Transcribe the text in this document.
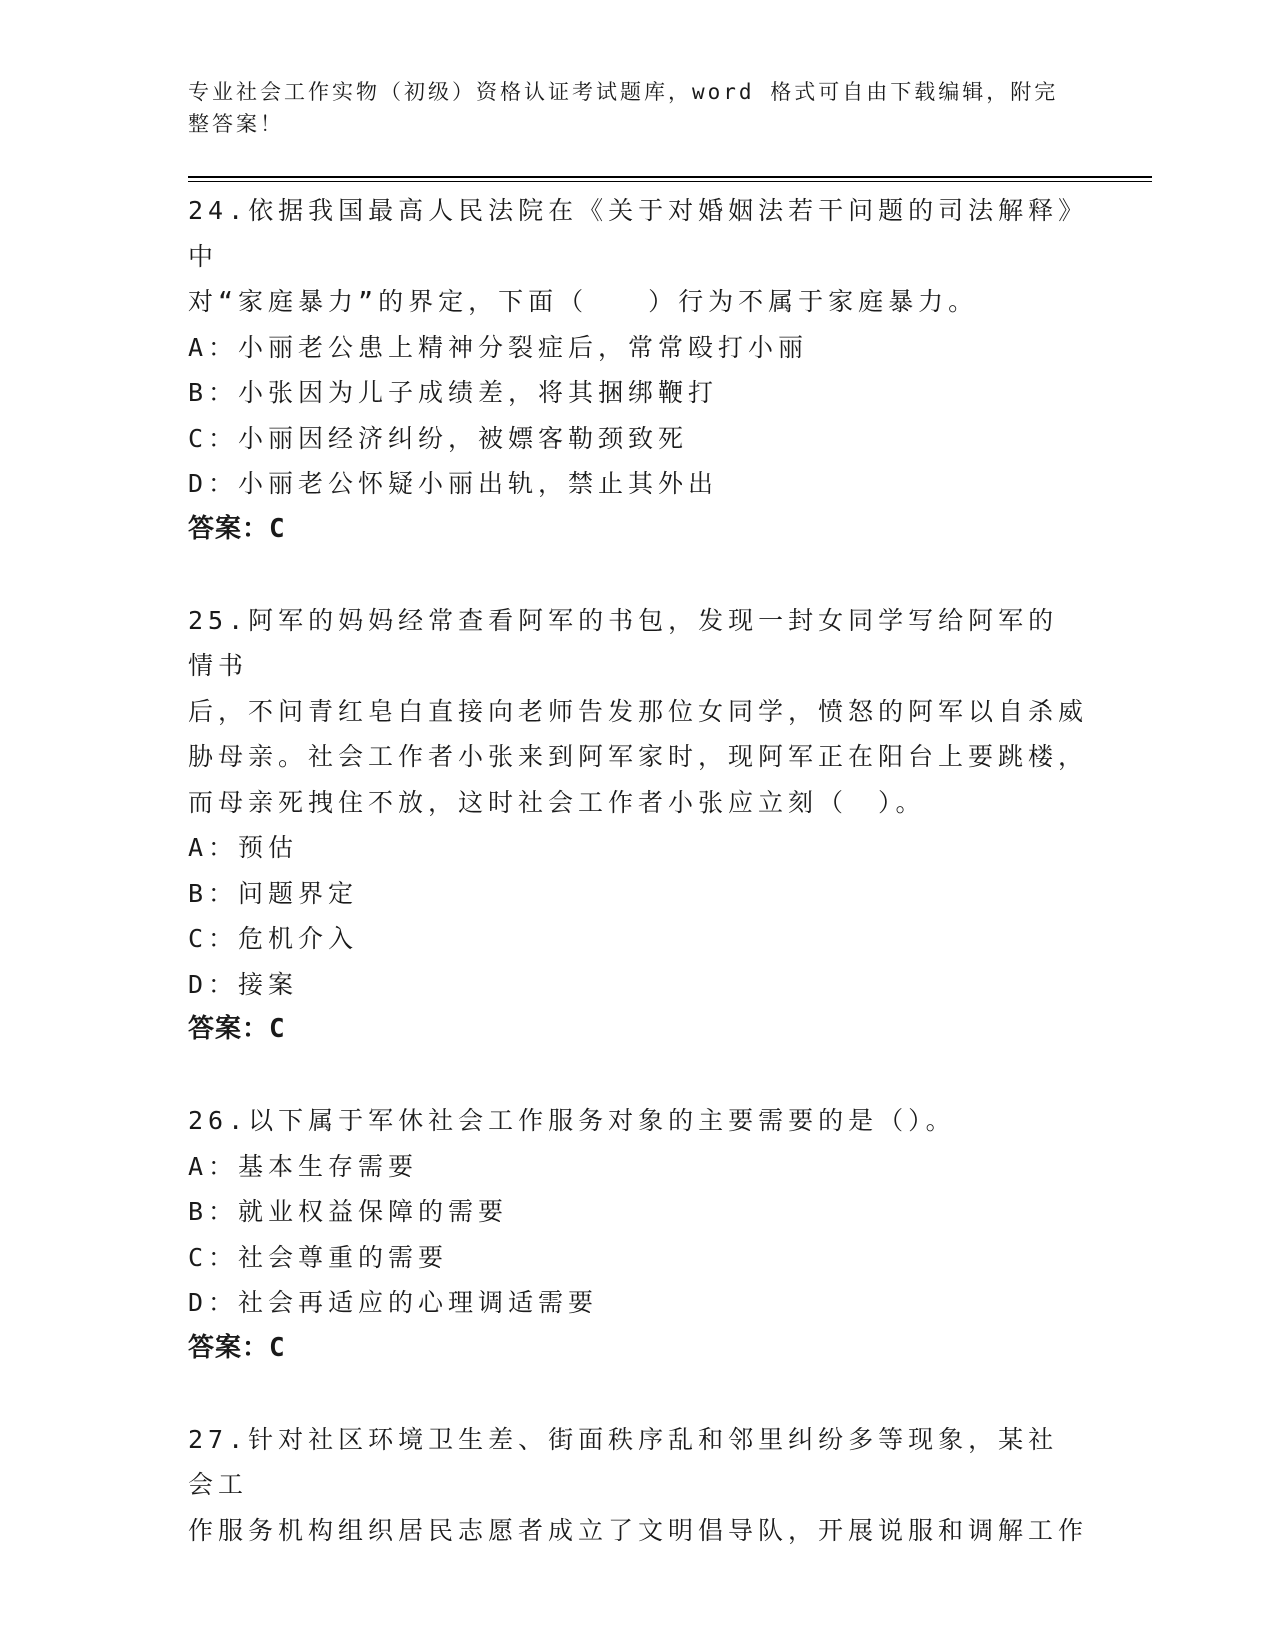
专业社会工作实物（初级）资格认证考试题库，word 格式可自由下载编辑，附完整答案！
24.依据我国最高人民法院在《关于对婚姻法若干问题的司法解释》中
对“家庭暴力”的界定，下面（　　）行为不属于家庭暴力。
A：小丽老公患上精神分裂症后，常常殴打小丽
B：小张因为儿子成绩差，将其捆绑鞭打
C：小丽因经济纠纷，被嫖客勒颈致死
D：小丽老公怀疑小丽出轨，禁止其外出
答案：C
25.阿军的妈妈经常查看阿军的书包，发现一封女同学写给阿军的情书
后，不问青红皂白直接向老师告发那位女同学，愤怒的阿军以自杀威
胁母亲。社会工作者小张来到阿军家时，现阿军正在阳台上要跳楼，
而母亲死拽住不放，这时社会工作者小张应立刻（　）。
A：预估
B：问题界定
C：危机介入
D：接案
答案：C
26.以下属于军休社会工作服务对象的主要需要的是（）。
A：基本生存需要
B：就业权益保障的需要
C：社会尊重的需要
D：社会再适应的心理调适需要
答案：C
27.针对社区环境卫生差、街面秩序乱和邻里纠纷多等现象，某社会工
作服务机构组织居民志愿者成立了文明倡导队，开展说服和调解工作
